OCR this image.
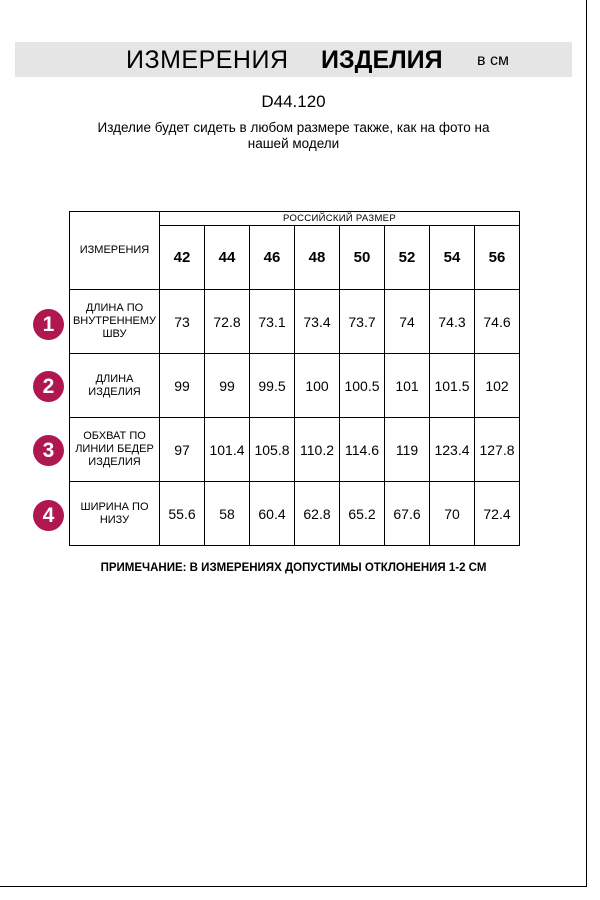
ИЗМЕРЕНИЯ ИЗДЕЛИЯ в см
D44.120
Изделие будет сидеть в любом размере также, как на фото на нашей модели
ИЗМЕРЕНИЯ	РОССИЙСКИЙ РАЗМЕР							
	42	44	46	48	50	52	54	56
ДЛИНА ПО
ВНУТРЕННЕМУ
ШВУ	73	72.8	73.1	73.4	73.7	74	74.3	74.6
ДЛИНА
ИЗДЕЛИЯ	99	99	99.5	100	100.5	101	101.5	102
ОБХВАТ ПО
ЛИНИИ БЕДЕР
ИЗДЕЛИЯ	97	101.4	105.8	110.2	114.6	119	123.4	127.8
ШИРИНА ПО
НИЗУ	55.6	58	60.4	62.8	65.2	67.6	70	72.4
1
2
3
4
ПРИМЕЧАНИЕ: В ИЗМЕРЕНИЯХ ДОПУСТИМЫ ОТКЛОНЕНИЯ 1-2 СМ
